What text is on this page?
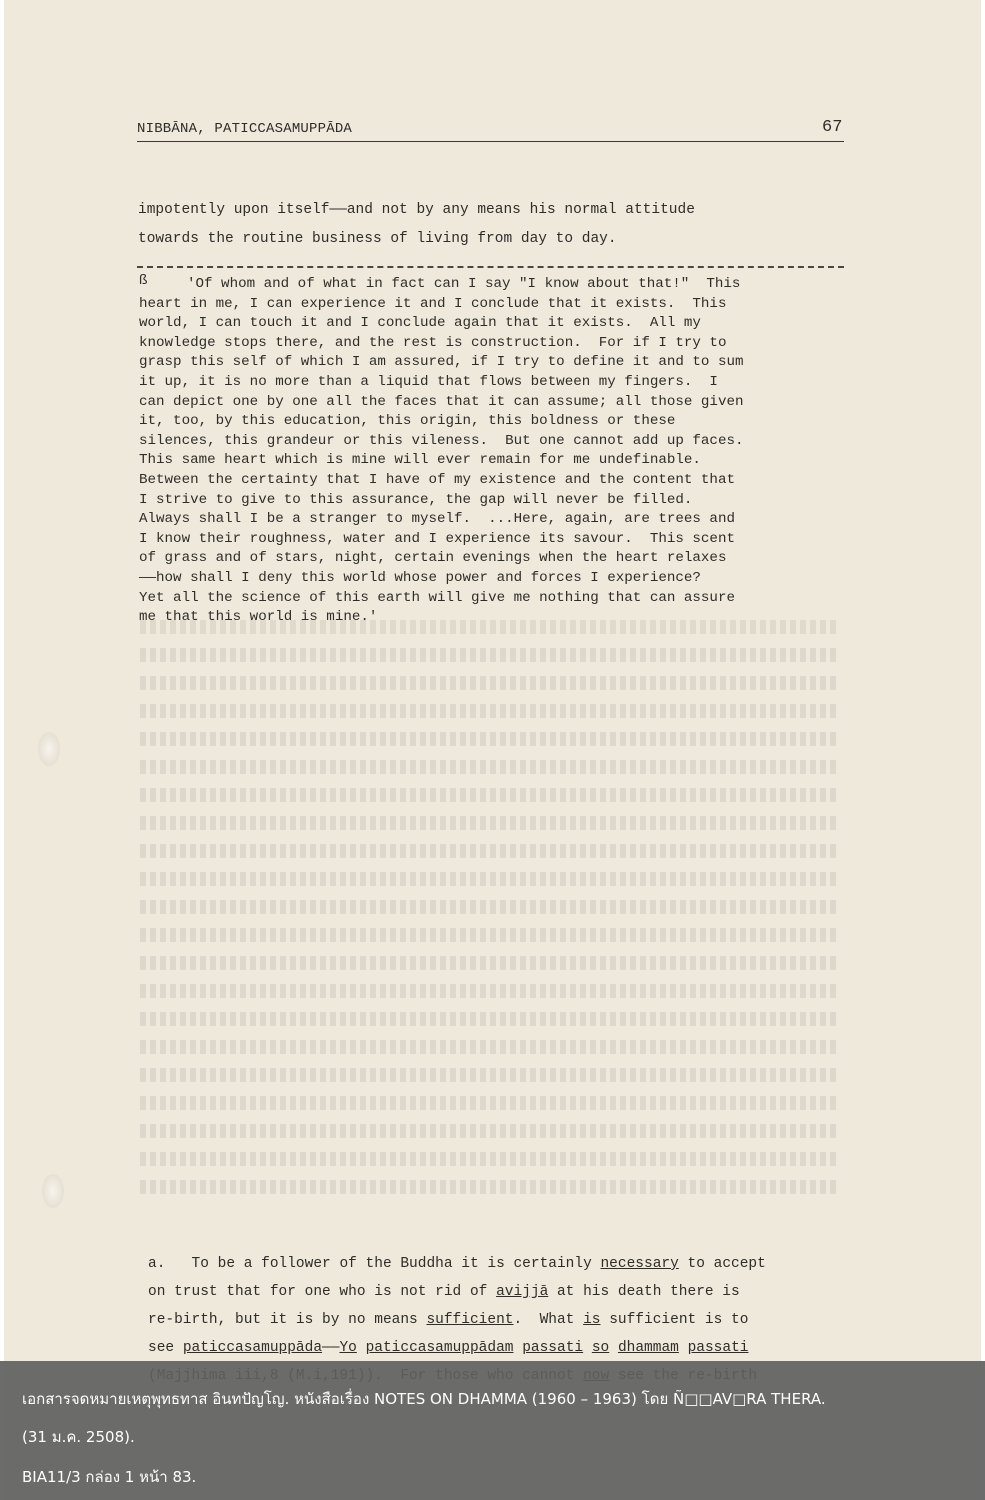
NIBBĀNA, PATICCASAMUPPĀDA	67
impotently upon itself——and not by any means his normal attitude
towards the routine business of living from day to day.
ß	'Of whom and of what in fact can I say "I know about that!"  This
heart in me, I can experience it and I conclude that it exists.  This
world, I can touch it and I conclude again that it exists.  All my
knowledge stops there, and the rest is construction.  For if I try to
grasp this self of which I am assured, if I try to define it and to sum
it up, it is no more than a liquid that flows between my fingers.  I
can depict one by one all the faces that it can assume; all those given
it, too, by this education, this origin, this boldness or these
silences, this grandeur or this vileness.  But one cannot add up faces.
This same heart which is mine will ever remain for me undefinable.
Between the certainty that I have of my existence and the content that
I strive to give to this assurance, the gap will never be filled.
Always shall I be a stranger to myself.  ...Here, again, are trees and
I know their roughness, water and I experience its savour.  This scent
of grass and of stars, night, certain evenings when the heart relaxes
——how shall I deny this world whose power and forces I experience?
Yet all the science of this earth will give me nothing that can assure
me that this world is mine.'
a. To be a follower of the Buddha it is certainly necessary to accept
on trust that for one who is not rid of avijjā at his death there is
re-birth, but it is by no means sufficient.  What is sufficient is to
see paticcasamuppāda——Yo paticcasamuppādam passati so dhammam passati
เอกสารจดหมายเหตุพุทธทาส อินทปัญโญ. หนังสือเรื่อง NOTES ON DHAMMA (1960 – 1963) โดย Ñ□□AV□RA THERA.
(31 ม.ค. 2508).
BIA11/3 กล่อง 1 หน้า 83.
